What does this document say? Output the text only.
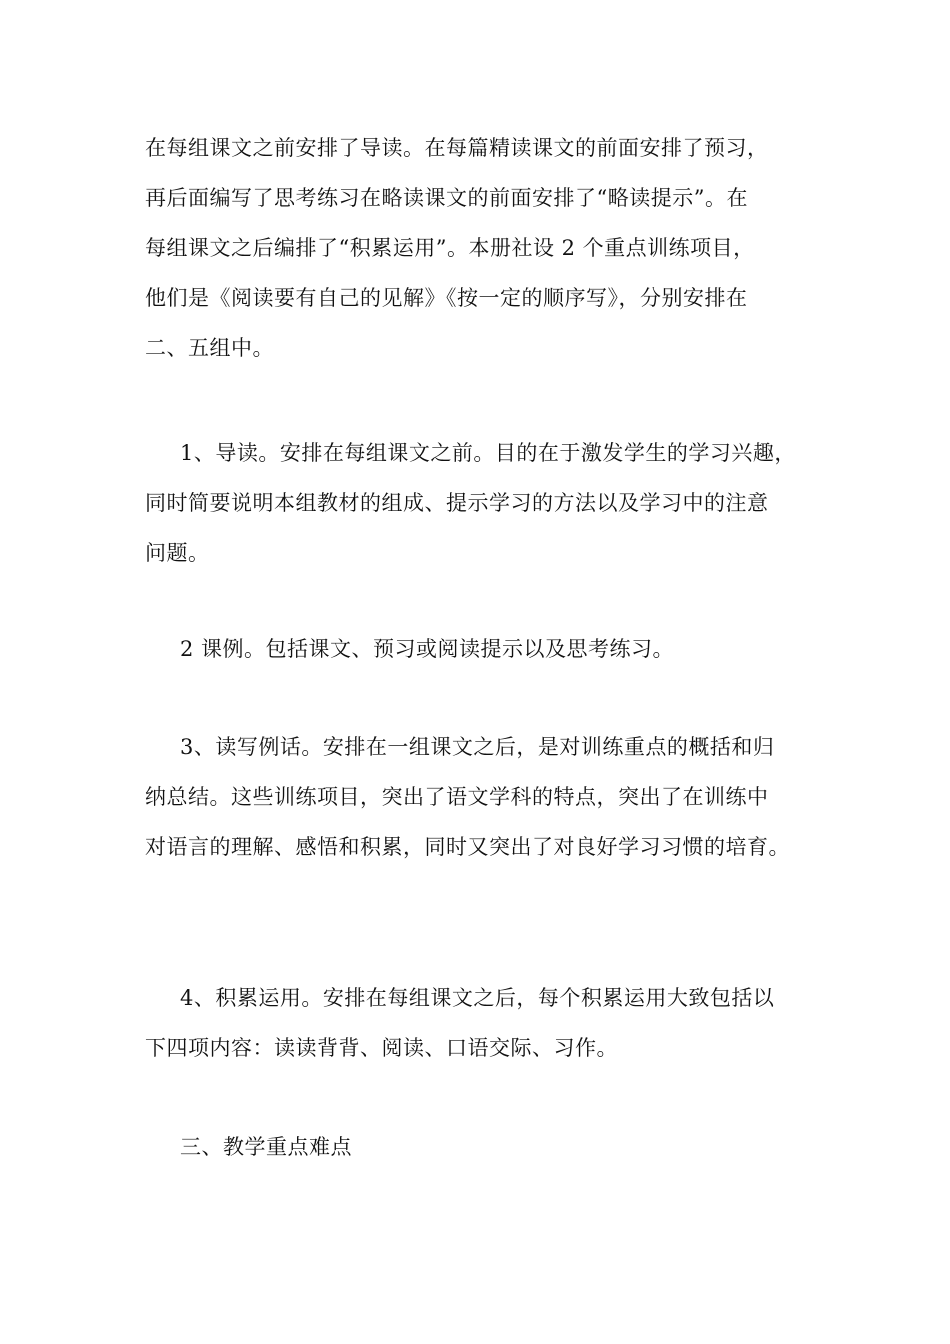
在每组课文之前安排了导读。在每篇精读课文的前面安排了预习，
再后面编写了思考练习在略读课文的前面安排了“略读提示”。在
每组课文之后编排了“积累运用”。本册社设 2 个重点训练项目，
他们是《阅读要有自己的见解》《按一定的顺序写》，分别安排在
二、五组中。
1、导读。安排在每组课文之前。目的在于激发学生的学习兴趣，
同时简要说明本组教材的组成、提示学习的方法以及学习中的注意
问题。
2 课例。包括课文、预习或阅读提示以及思考练习。
3、读写例话。安排在一组课文之后，是对训练重点的概括和归
纳总结。这些训练项目，突出了语文学科的特点，突出了在训练中
对语言的理解、感悟和积累，同时又突出了对良好学习习惯的培育。
4、积累运用。安排在每组课文之后，每个积累运用大致包括以
下四项内容：读读背背、阅读、口语交际、习作。
三、教学重点难点
